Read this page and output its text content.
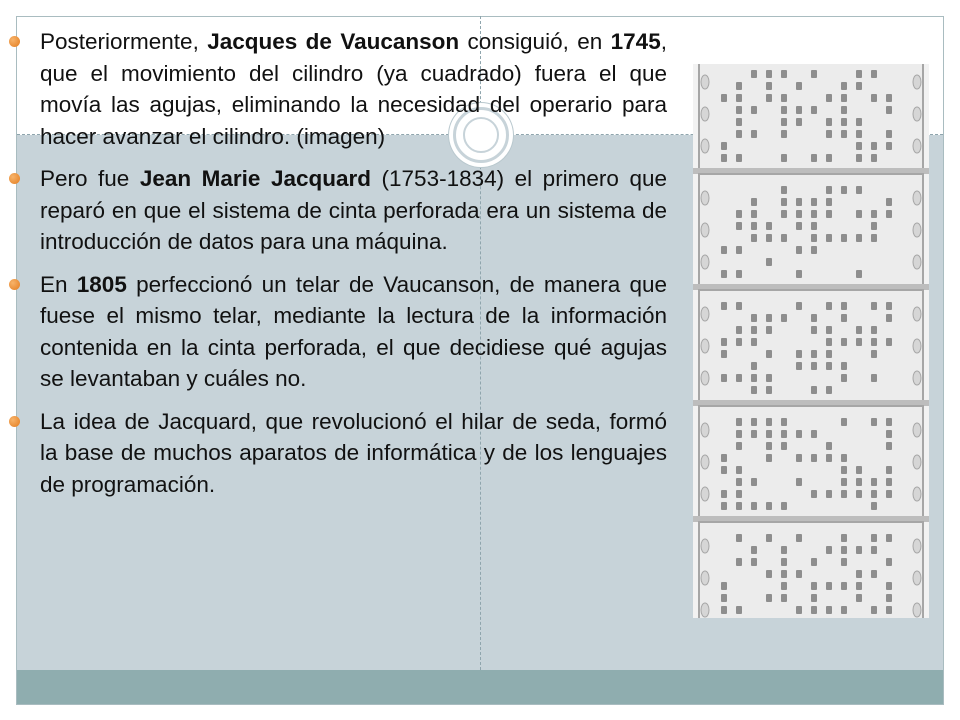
Posteriormente, Jacques de Vaucanson consiguió, en 1745, que el movimiento del cilindro (ya cuadrado) fuera el que movía las agujas, eliminando la necesidad del operario para hacer avanzar el cilindro. (imagen)
Pero fue Jean Marie Jacquard (1753-1834) el primero que reparó en que el sistema de cinta perforada era un sistema de introducción de datos para una máquina.
En 1805 perfeccionó un telar de Vaucanson, de manera que fuese el mismo telar, mediante la lectura de la información contenida en la cinta perforada, el que decidiese qué agujas se levantaban y cuáles no.
La idea de Jacquard, que revolucionó el hilar de seda, formó la base de muchos aparatos de informática y de los lenguajes de programación.
